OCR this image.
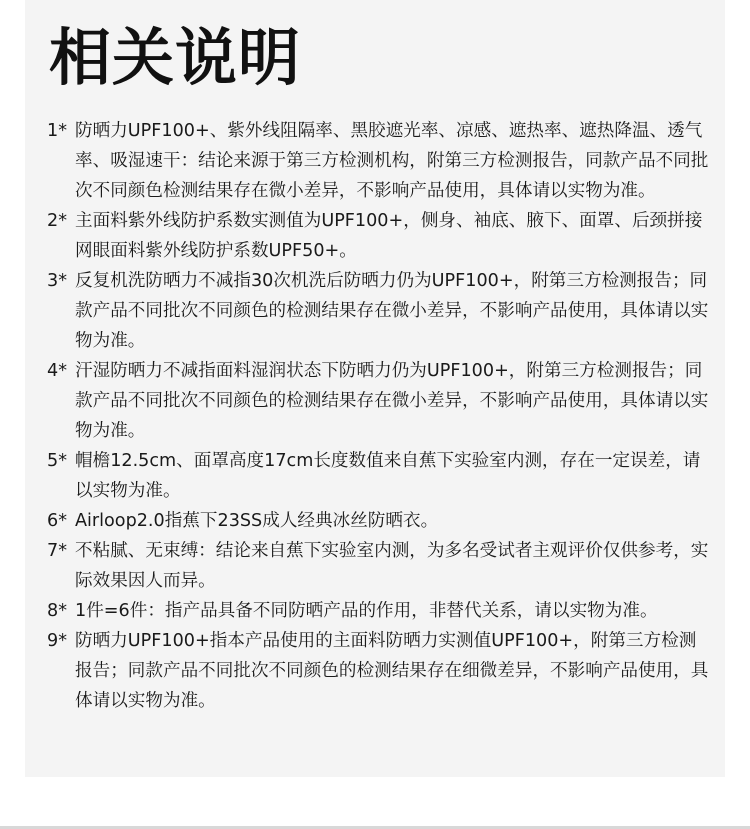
相关说明
1* 防晒力UPF100+、紫外线阻隔率、黑胶遮光率、凉感、遮热率、遮热降温、透气率、吸湿速干：结论来源于第三方检测机构，附第三方检测报告，同款产品不同批次不同颜色检测结果存在微小差异，不影响产品使用，具体请以实物为准。
2* 主面料紫外线防护系数实测值为UPF100+，侧身、袖底、腋下、面罩、后颈拼接网眼面料紫外线防护系数UPF50+。
3* 反复机洗防晒力不减指30次机洗后防晒力仍为UPF100+，附第三方检测报告；同款产品不同批次不同颜色的检测结果存在微小差异，不影响产品使用，具体请以实物为准。
4* 汗湿防晒力不减指面料湿润状态下防晒力仍为UPF100+，附第三方检测报告；同款产品不同批次不同颜色的检测结果存在微小差异，不影响产品使用，具体请以实物为准。
5* 帽檐12.5cm、面罩高度17cm长度数值来自蕉下实验室内测，存在一定误差，请以实物为准。
6* Airloop2.0指蕉下23SS成人经典冰丝防晒衣。
7* 不粘腻、无束缚：结论来自蕉下实验室内测，为多名受试者主观评价仅供参考，实际效果因人而异。
8* 1件=6件：指产品具备不同防晒产品的作用，非替代关系，请以实物为准。
9* 防晒力UPF100+指本产品使用的主面料防晒力实测值UPF100+，附第三方检测报告；同款产品不同批次不同颜色的检测结果存在细微差异，不影响产品使用，具体请以实物为准。
